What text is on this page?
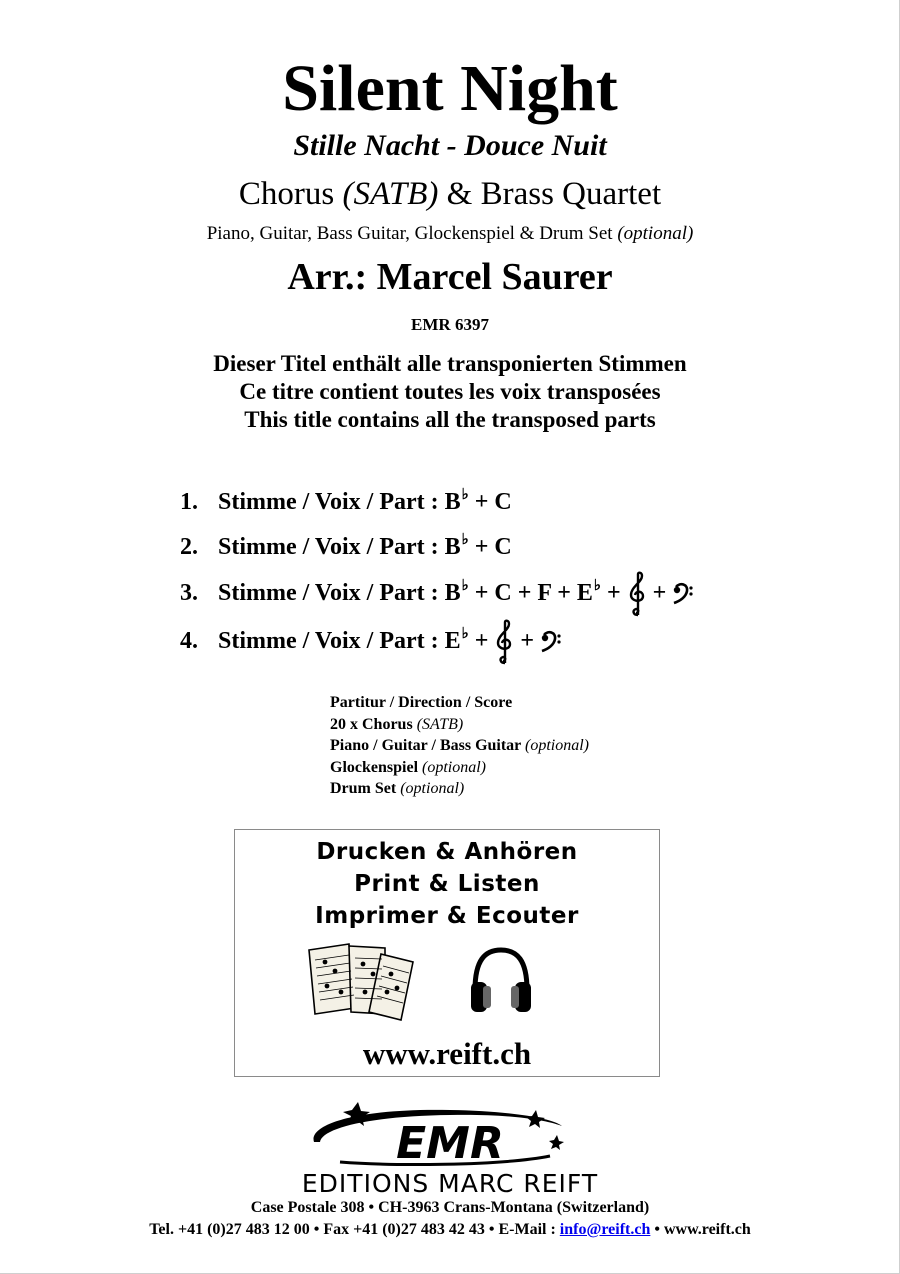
Silent Night
Stille Nacht - Douce Nuit
Chorus (SATB) & Brass Quartet
Piano, Guitar, Bass Guitar, Glockenspiel & Drum Set (optional)
Arr.: Marcel Saurer
EMR 6397
Dieser Titel enthält alle transponierten Stimmen
Ce titre contient toutes les voix transposées
This title contains all the transposed parts
1. Stimme / Voix / Part : B♭ + C
2. Stimme / Voix / Part : B♭ + C
3. Stimme / Voix / Part : B♭ + C + F + E♭ +  +
4. Stimme / Voix / Part : E♭ +  +
Partitur / Direction / Score
20 x Chorus (SATB)
Piano / Guitar / Bass Guitar (optional)
Glockenspiel (optional)
Drum Set (optional)
Drucken & Anhören
Print & Listen
Imprimer & Ecouter
www.reift.ch
EMR
EDITIONS MARC REIFT
Case Postale 308 • CH-3963 Crans-Montana (Switzerland)
Tel. +41 (0)27 483 12 00 • Fax +41 (0)27 483 42 43 • E-Mail : info@reift.ch • www.reift.ch
